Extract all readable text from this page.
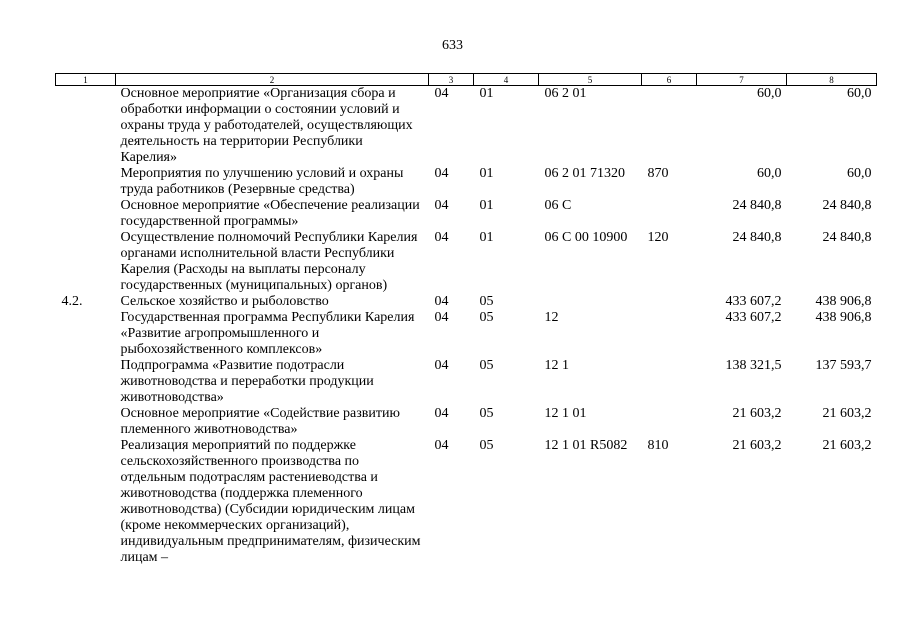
633
1	2	3	4	5	6	7	8
	Основное мероприятие «Организация сбора и обработки информации о состоянии условий и охраны труда у работодателей, осуществляющих деятельность на территории Республики Карелия»	04	01	06 2 01		60,0	60,0
	Мероприятия по улучшению условий и охраны труда работников (Резервные средства)	04	01	06 2 01 71320	870	60,0	60,0
	Основное мероприятие «Обеспечение реализации государственной программы»	04	01	06 С		24 840,8	24 840,8
	Осуществление полномочий Республики Карелия органами исполнительной власти Республики Карелия (Расходы на выплаты персоналу государственных (муниципальных) органов)	04	01	06 С 00 10900	120	24 840,8	24 840,8
4.2.	Сельское хозяйство и рыболовство	04	05			433 607,2	438 906,8
	Государственная программа Республики Карелия «Развитие агропромышленного и рыбохозяйственного комплексов»	04	05	12		433 607,2	438 906,8
	Подпрограмма «Развитие подотрасли животноводства и переработки продукции животноводства»	04	05	12 1		138 321,5	137 593,7
	Основное мероприятие «Содействие развитию племенного животноводства»	04	05	12 1 01		21 603,2	21 603,2
	Реализация мероприятий по поддержке сельскохозяйственного производства по отдельным подотраслям растениеводства и животноводства (поддержка племенного животноводства) (Субсидии юридическим лицам (кроме некоммерческих организаций), индивидуальным предпринимателям, физическим лицам –	04	05	12 1 01 R5082	810	21 603,2	21 603,2
